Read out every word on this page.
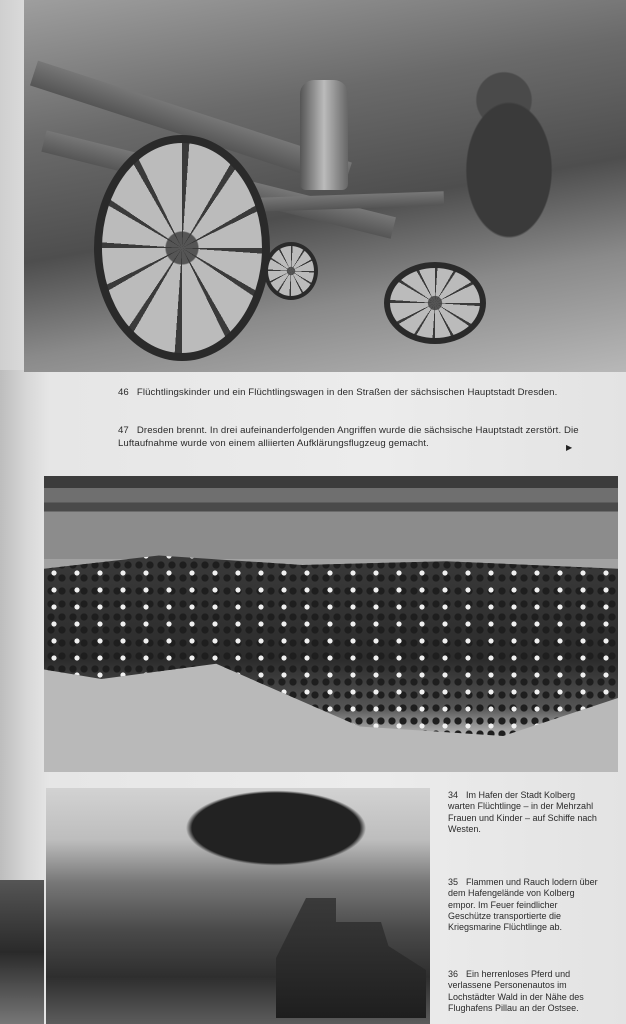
46 Flüchtlingskinder und ein Flüchtlingswagen in den Straßen der sächsischen Hauptstadt Dresden.
47 Dresden brennt. In drei aufeinanderfolgenden Angriffen wurde die sächsische Hauptstadt zerstört. Die Luftaufnahme wurde von einem alliierten Aufklärungsflugzeug gemacht.	▶
34 Im Hafen der Stadt Kolberg warten Flüchtlinge – in der Mehrzahl Frauen und Kinder – auf Schiffe nach Westen.
35 Flammen und Rauch lodern über dem Hafengelände von Kolberg empor. Im Feuer feindlicher Geschütze transportierte die Kriegsmarine Flüchtlinge ab.
36 Ein herrenloses Pferd und verlassene Personenautos im Lochstädter Wald in der Nähe des Flughafens Pillau an der Ostsee.
